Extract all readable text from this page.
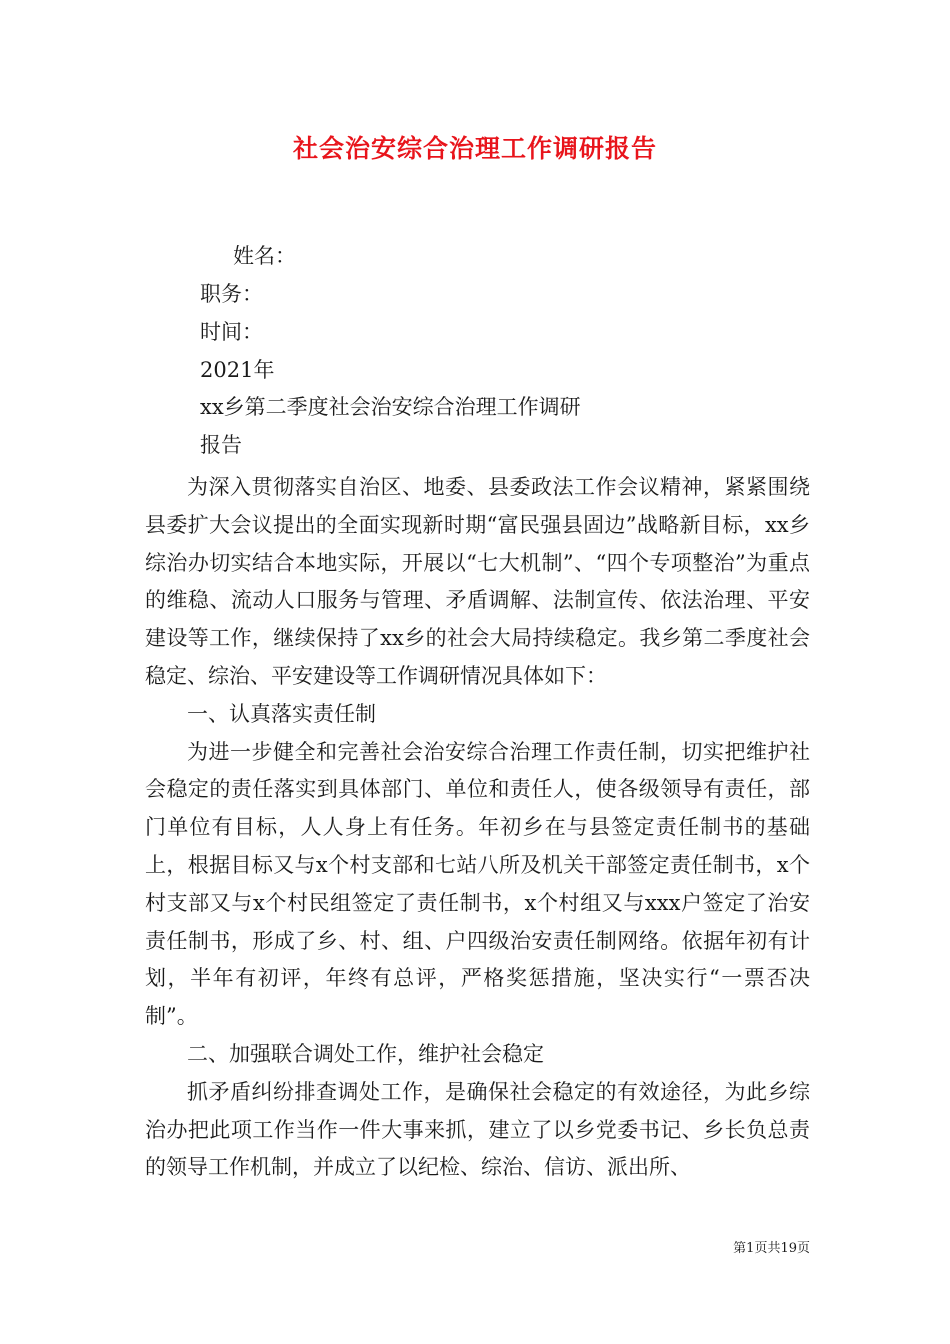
社会治安综合治理工作调研报告
姓名：
职务：
时间：
2021年
xx乡第二季度社会治安综合治理工作调研
报告

为深入贯彻落实自治区、地委、县委政法工作会议精神，紧紧围绕县委扩大会议提出的全面实现新时期“富民强县固边”战略新目标，xx乡综治办切实结合本地实际，开展以“七大机制”、“四个专项整治”为重点的维稳、流动人口服务与管理、矛盾调解、法制宣传、依法治理、平安建设等工作，继续保持了xx乡的社会大局持续稳定。我乡第二季度社会稳定、综治、平安建设等工作调研情况具体如下：

一、认真落实责任制

为进一步健全和完善社会治安综合治理工作责任制，切实把维护社会稳定的责任落实到具体部门、单位和责任人，使各级领导有责任，部门单位有目标，人人身上有任务。年初乡在与县签定责任制书的基础上，根据目标又与x个村支部和七站八所及机关干部签定责任制书，x个村支部又与x个村民组签定了责任制书，x个村组又与xxx户签定了治安责任制书，形成了乡、村、组、户四级治安责任制网络。依据年初有计划，半年有初评，年终有总评，严格奖惩措施，坚决实行“一票否决制”。

二、加强联合调处工作，维护社会稳定

抓矛盾纠纷排查调处工作，是确保社会稳定的有效途径，为此乡综治办把此项工作当作一件大事来抓，建立了以乡党委书记、乡长负总责的领导工作机制，并成立了以纪检、综治、信访、派出所、

第1页共19页
